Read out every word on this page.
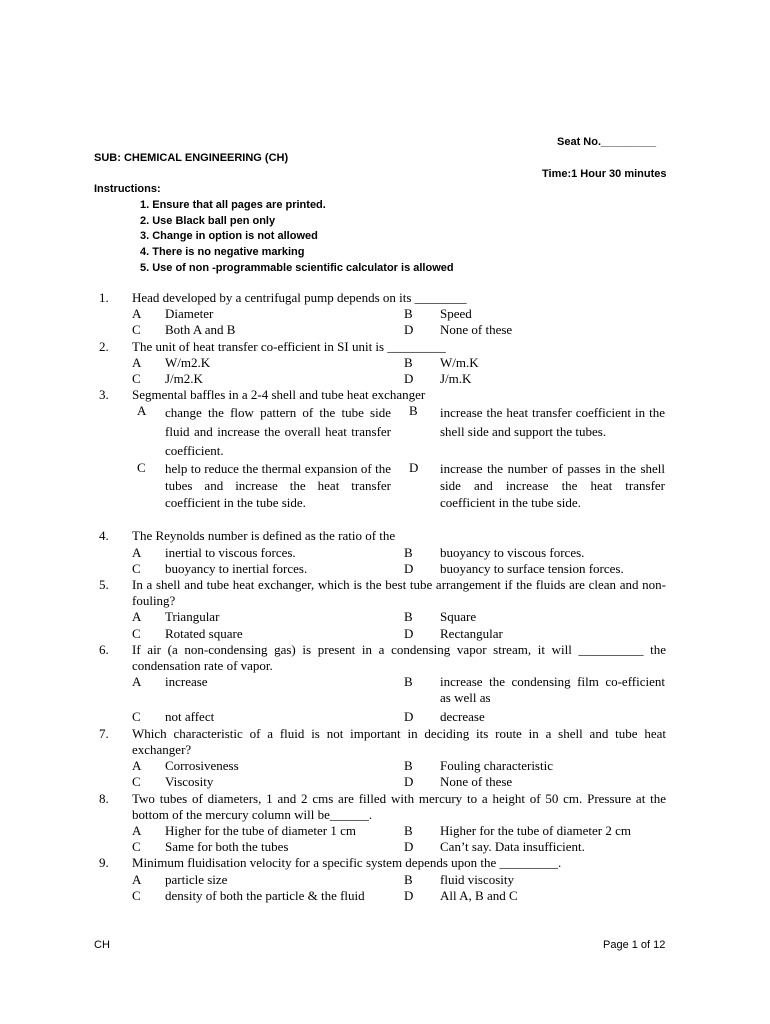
Seat No._________
SUB: CHEMICAL ENGINEERING (CH)
Time:1 Hour 30 minutes
Instructions:
1. Ensure that all pages are printed.
2. Use Black ball pen only
3. Change in option is not allowed
4. There is no negative marking
5. Use of non -programmable scientific calculator is allowed
1. Head developed by a centrifugal pump depends on its ________
A Diameter	B Speed
C Both A and B	D None of these
2. The unit of heat transfer co-efficient in SI unit is _________
A W/m2.K	B W/m.K
C J/m2.K	D J/m.K
3. Segmental baffles in a 2-4 shell and tube heat exchanger
A change the flow pattern of the tube side fluid and increase the overall heat transfer coefficient.
B increase the heat transfer coefficient in the shell side and support the tubes.
C help to reduce the thermal expansion of the tubes and increase the heat transfer coefficient in the tube side.
D increase the number of passes in the shell side and increase the heat transfer coefficient in the tube side.
4. The Reynolds number is defined as the ratio of the
A inertial to viscous forces.	B buoyancy to viscous forces.
C buoyancy to inertial forces.	D buoyancy to surface tension forces.
5. In a shell and tube heat exchanger, which is the best tube arrangement if the fluids are clean and non-fouling?
A Triangular	B Square
C Rotated square	D Rectangular
6. If air (a non-condensing gas) is present in a condensing vapor stream, it will __________ the condensation rate of vapor.
A increase	B increase the condensing film co-efficient as well as
C not affect	D decrease
7. Which characteristic of a fluid is not important in deciding its route in a shell and tube heat exchanger?
A Corrosiveness	B Fouling characteristic
C Viscosity	D None of these
8. Two tubes of diameters, 1 and 2 cms are filled with mercury to a height of 50 cm. Pressure at the bottom of the mercury column will be______.
A Higher for the tube of diameter 1 cm	B Higher for the tube of diameter 2 cm
C Same for both the tubes	D Can’t say. Data insufficient.
9. Minimum fluidisation velocity for a specific system depends upon the _________.
A particle size	B fluid viscosity
C density of both the particle & the fluid	D All A, B and C
CH	Page 1 of 12
